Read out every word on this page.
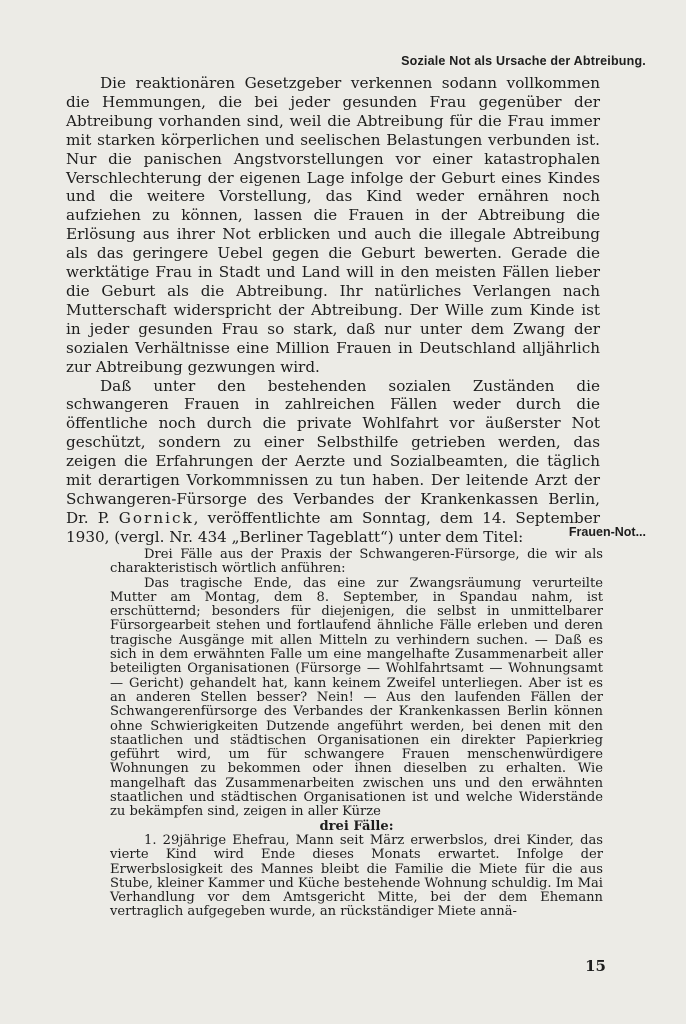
Soziale Not als Ursache der Abtreibung.

Die reaktionären Gesetzgeber verkennen sodann vollkommen die Hemmungen, die bei jeder gesunden Frau gegenüber der Abtreibung vorhanden sind, weil die Abtreibung für die Frau immer mit starken körperlichen und seelischen Belastungen verbunden ist. Nur die panischen Angstvorstellungen vor einer katastrophalen Verschlechterung der eigenen Lage infolge der Geburt eines Kindes und die weitere Vorstellung, das Kind weder ernähren noch aufziehen zu können, lassen die Frauen in der Abtreibung die Erlösung aus ihrer Not erblicken und auch die illegale Abtreibung als das geringere Uebel gegen die Geburt bewerten. Gerade die werktätige Frau in Stadt und Land will in den meisten Fällen lieber die Geburt als die Abtreibung. Ihr natürliches Verlangen nach Mutterschaft widerspricht der Abtreibung. Der Wille zum Kinde ist in jeder gesunden Frau so stark, daß nur unter dem Zwang der sozialen Verhältnisse eine Million Frauen in Deutschland alljährlich zur Abtreibung gezwungen wird.

Daß unter den bestehenden sozialen Zuständen die schwangeren Frauen in zahlreichen Fällen weder durch die öffentliche noch durch die private Wohlfahrt vor äußerster Not geschützt, sondern zu einer Selbsthilfe getrieben werden, das zeigen die Erfahrungen der Aerzte und Sozialbeamten, die täglich mit derartigen Vorkommnissen zu tun haben. Der leitende Arzt der Schwangeren-Fürsorge des Verbandes der Krankenkassen Berlin, Dr. P. Gornick, veröffentlichte am Sonntag, dem 14. September 1930, (vergl. Nr. 434 „Berliner Tageblatt“) unter dem Titel:	Frauen-Not...

Drei Fälle aus der Praxis der Schwangeren-Fürsorge, die wir als charakteristisch wörtlich anführen:

Das tragische Ende, das eine zur Zwangsräumung verurteilte Mutter am Montag, dem 8. September, in Spandau nahm, ist erschütternd; besonders für diejenigen, die selbst in unmittelbarer Fürsorgearbeit stehen und fortlaufend ähnliche Fälle erleben und deren tragische Ausgänge mit allen Mitteln zu verhindern suchen. — Daß es sich in dem erwähnten Falle um eine mangelhafte Zusammenarbeit aller beteiligten Organisationen (Fürsorge — Wohlfahrtsamt — Wohnungsamt — Gericht) gehandelt hat, kann keinem Zweifel unterliegen. Aber ist es an anderen Stellen besser? Nein! — Aus den laufenden Fällen der Schwangerenfürsorge des Verbandes der Krankenkassen Berlin können ohne Schwierigkeiten Dutzende angeführt werden, bei denen mit den staatlichen und städtischen Organisationen ein direkter Papierkrieg geführt wird, um für schwangere Frauen menschenwürdigere Wohnungen zu bekommen oder ihnen dieselben zu erhalten. Wie mangelhaft das Zusammenarbeiten zwischen uns und den erwähnten staatlichen und städtischen Organisationen ist und welche Widerstände zu bekämpfen sind, zeigen in aller Kürze

drei Fälle:

1. 29jährige Ehefrau, Mann seit März erwerbslos, drei Kinder, das vierte Kind wird Ende dieses Monats erwartet. Infolge der Erwerbslosigkeit des Mannes bleibt die Familie die Miete für die aus Stube, kleiner Kammer und Küche bestehende Wohnung schuldig. Im Mai Verhandlung vor dem Amtsgericht Mitte, bei der dem Ehemann vertraglich aufgegeben wurde, an rückständiger Miete annä-

15
